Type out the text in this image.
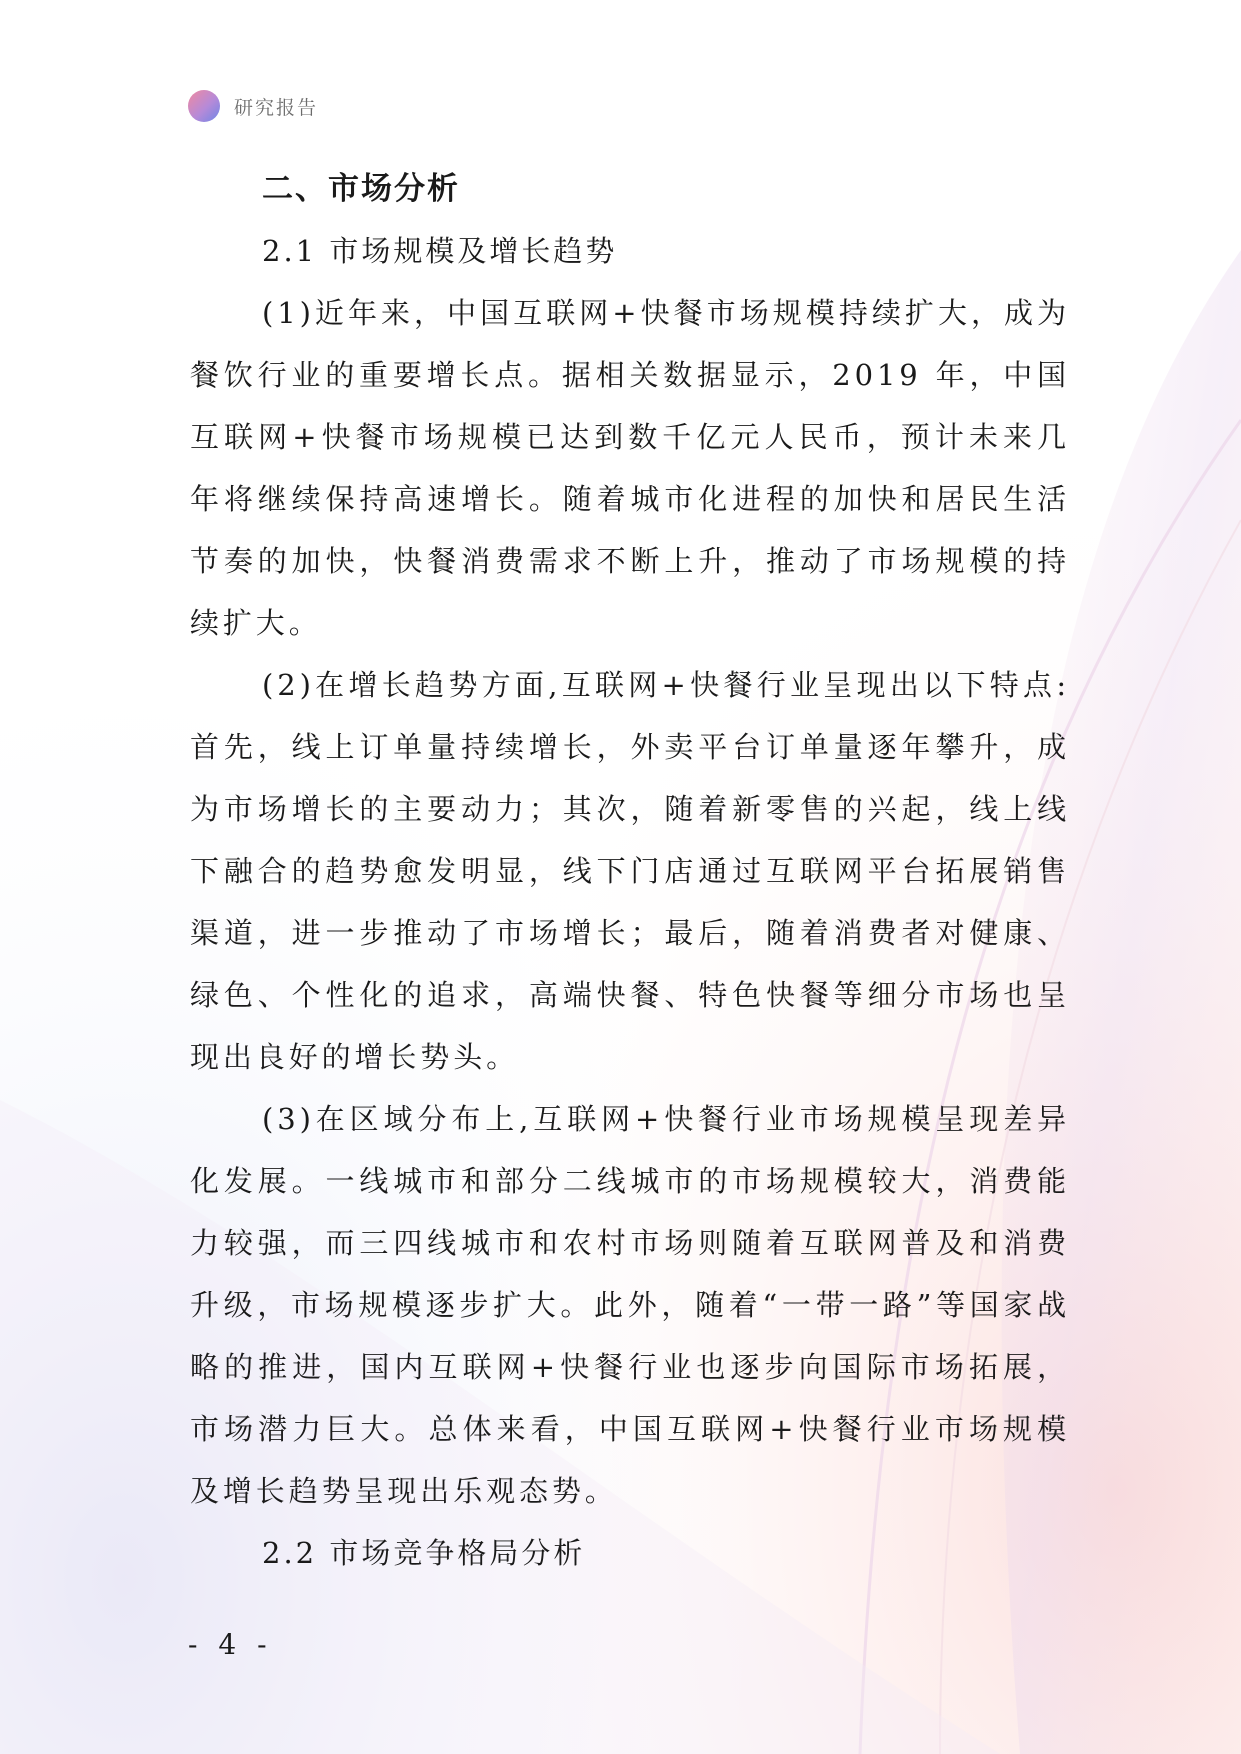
研究报告
二、市场分析
2.1 市场规模及增长趋势

(1)近年来，中国互联网+快餐市场规模持续扩大，成为餐饮行业的重要增长点。据相关数据显示，2019 年，中国互联网+快餐市场规模已达到数千亿元人民币，预计未来几年将继续保持高速增长。随着城市化进程的加快和居民生活节奏的加快，快餐消费需求不断上升，推动了市场规模的持续扩大。

(2)在增长趋势方面,互联网+快餐行业呈现出以下特点:首先，线上订单量持续增长，外卖平台订单量逐年攀升，成为市场增长的主要动力；其次，随着新零售的兴起，线上线下融合的趋势愈发明显，线下门店通过互联网平台拓展销售渠道，进一步推动了市场增长；最后，随着消费者对健康、绿色、个性化的追求，高端快餐、特色快餐等细分市场也呈现出良好的增长势头。

(3)在区域分布上,互联网+快餐行业市场规模呈现差异化发展。一线城市和部分二线城市的市场规模较大，消费能力较强，而三四线城市和农村市场则随着互联网普及和消费升级，市场规模逐步扩大。此外，随着“一带一路”等国家战略的推进，国内互联网+快餐行业也逐步向国际市场拓展，市场潜力巨大。总体来看，中国互联网+快餐行业市场规模及增长趋势呈现出乐观态势。

2.2 市场竞争格局分析
- 4 -
